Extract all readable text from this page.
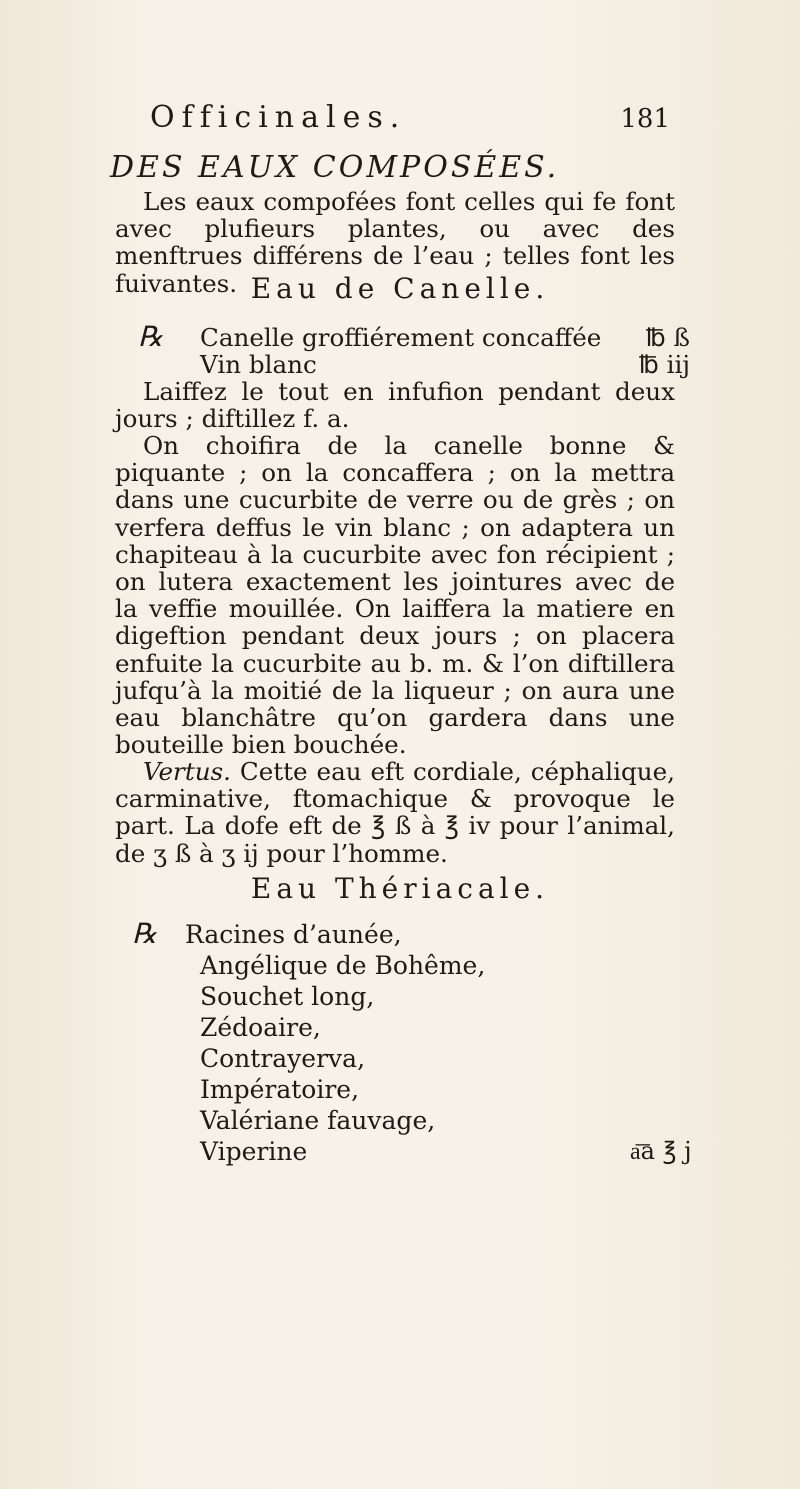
Officinales.	181
DES EAUX COMPOSÉES.

Les eaux compofées font celles qui fe font avec plufieurs plantes, ou avec des menftrues différens de l’eau ; telles font les fuivantes. Eau de Canelle.
℞ Canelle groffiérement concaffée ℔ ß
Vin blanc	℔ iij

Laiffez le tout en infufion pendant deux jours ; diftillez f. a.

On choifira de la canelle bonne & piquante ; on la concaffera ; on la mettra dans une cucurbite de verre ou de grès ; on verfera deffus le vin blanc ; on adaptera un chapiteau à la cucurbite avec fon récipient ; on lutera exactement les jointures avec de la veffie mouillée. On laiffera la matiere en digeftion pendant deux jours ; on placera enfuite la cucurbite au b. m. & l’on diftillera jufqu’à la moitié de la liqueur ; on aura une eau blanchâtre qu’on gardera dans une bouteille bien bouchée.

Vertus. Cette eau eft cordiale, céphalique, carminative, ftomachique & provoque le part. La dofe eft de ℥ ß à ℥ iv pour l’animal, de ʒ ß à ʒ ij pour l’homme.

Eau Thériacale.
℞ Racines d’aunée,
Angélique de Bohême,
Souchet long,
Zédoaire,
Contrayerva,
Impératoire,
Valériane fauvage,
Viperine	a͞a ℥ j
